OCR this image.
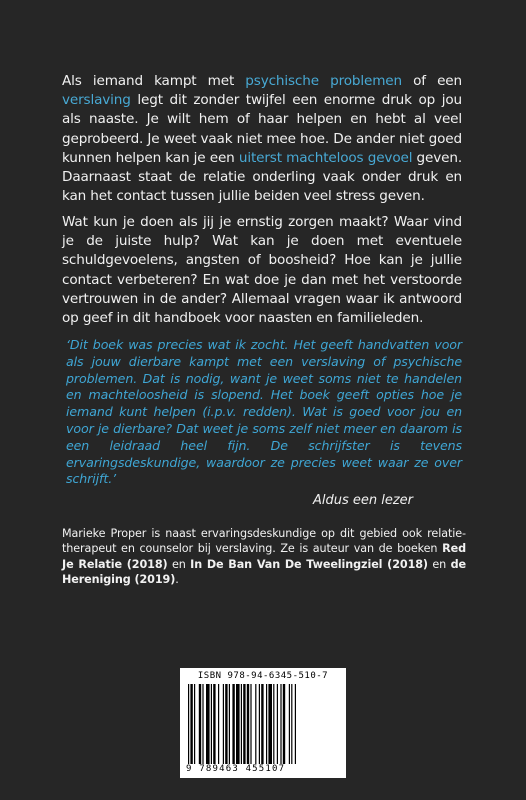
Als iemand kampt met psychische problemen of een verslaving legt dit zonder twijfel een enorme druk op jou als naaste. Je wilt hem of haar helpen en hebt al veel geprobeerd. Je weet vaak niet mee hoe. De ander niet goed kunnen helpen kan je een uiterst machteloos gevoel geven. Daarnaast staat de relatie onderling vaak onder druk en kan het contact tussen jullie beiden veel stress geven.

Wat kun je doen als jij je ernstig zorgen maakt? Waar vind je de juiste hulp? Wat kan je doen met eventuele schuldgevoelens, angsten of boosheid? Hoe kan je jullie contact verbeteren? En wat doe je dan met het verstoorde vertrouwen in de ander? Allemaal vragen waar ik antwoord op geef in dit handboek voor naasten en familieleden.

‘Dit boek was precies wat ik zocht. Het geeft handvatten voor als jouw dierbare kampt met een verslaving of psychische problemen. Dat is nodig, want je weet soms niet te handelen en machteloosheid is slopend. Het boek geeft opties hoe je iemand kunt helpen (i.p.v. redden). Wat is goed voor jou en voor je dierbare? Dat weet je soms zelf niet meer en daarom is een leidraad heel fijn. De schrijfster is tevens ervaringsdeskundige, waardoor ze precies weet waar ze over schrijft.’

Aldus een lezer

Marieke Proper is naast ervaringsdeskundige op dit gebied ook relatie-therapeut en counselor bij verslaving. Ze is auteur van de boeken Red Je Relatie (2018) en In De Ban Van De Tweelingziel (2018) en de Hereniging (2019).

ISBN 978-94-6345-510-7
9 789463 455107
